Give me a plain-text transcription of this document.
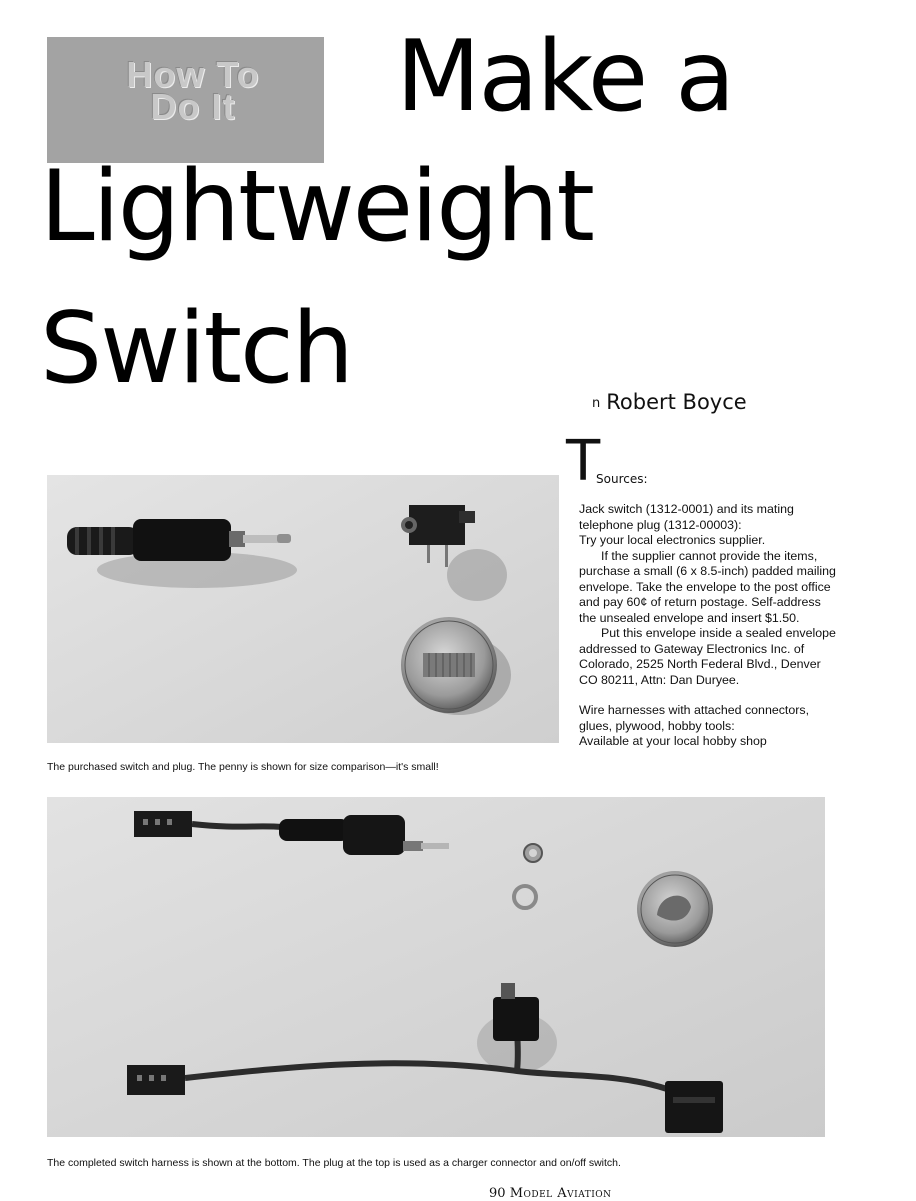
How To
Do It	Make a
Lightweight
Switch	n Robert Boyce
T
Sources:

Jack switch (1312-0001) and its mating

telephone plug (1312-00003):

Try your local electronics supplier.

If the supplier cannot provide the items, purchase a small (6 x 8.5-inch) padded mailing envelope. Take the envelope to the post office and pay 60¢ of return postage. Self-address the unsealed envelope and insert $1.50.

Put this envelope inside a sealed envelope addressed to Gateway Electronics Inc. of Colorado, 2525 North Federal Blvd., Denver CO 80211, Attn: Dan Duryee.

Wire harnesses with attached connectors,

glues, plywood, hobby tools:

Available at your local hobby shop

The purchased switch and plug. The penny is shown for size comparison—it's small!
The completed switch harness is shown at the bottom. The plug at the top is used as a charger connector and on/off switch.
90 Model Aviation
